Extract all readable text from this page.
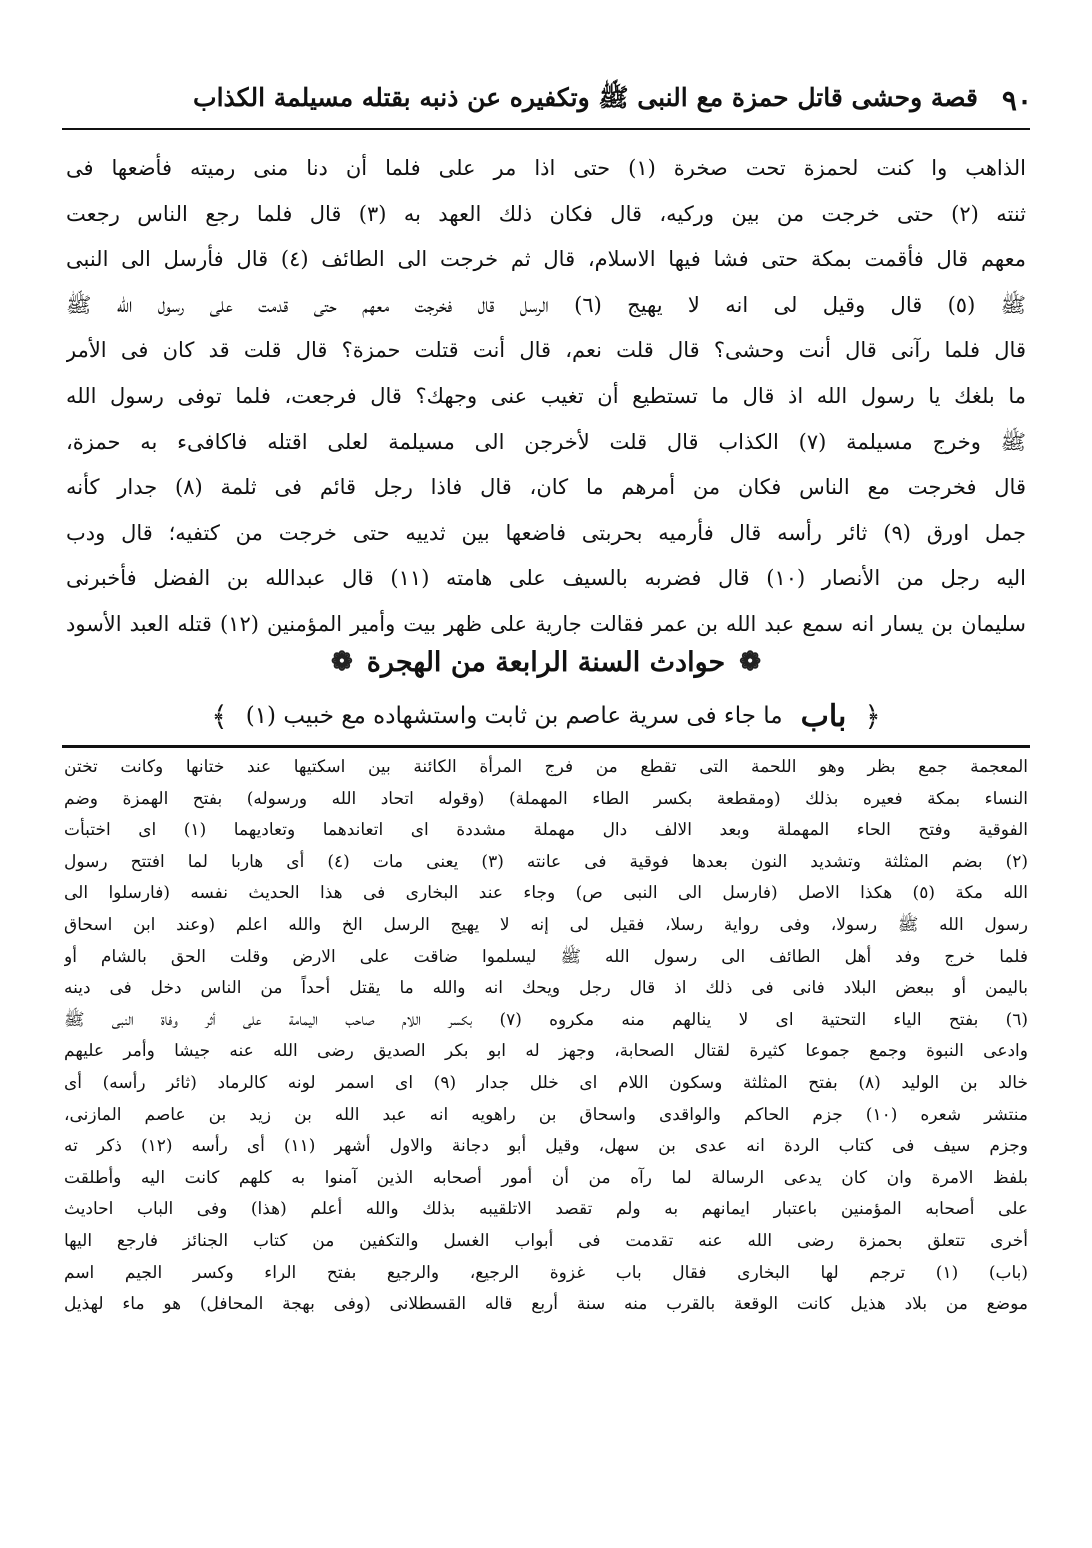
٩٠
قصة وحشى قاتل حمزة مع النبى ﷺ وتكفيره عن ذنبه بقتله مسيلمة الكذاب
الذاهب وا كنت لحمزة تحت صخرة (١) حتى اذا مر على فلما أن دنا منى رميته فأضعها فى
ثنته (٢) حتى خرجت من بين وركيه، قال فكان ذلك العهد به (٣) قال فلما رجع الناس رجعت
معهم قال فأقمت بمكة حتى فشا فيها الاسلام، قال ثم خرجت الى الطائف (٤) قال فأرسل الى النبى
ﷺ (٥) قال وقيل لى انه لا يهيج (٦) الرسل قال فخرجت معهم حتى قدمت على رسول الله ﷺ
قال فلما رآنى قال أنت وحشى؟ قال قلت نعم، قال أنت قتلت حمزة؟ قال قلت قد كان فى الأمر
ما بلغك يا رسول الله اذ قال ما تستطيع أن تغيب عنى وجهك؟ قال فرجعت، فلما توفى رسول الله
ﷺ وخرج مسيلمة (٧) الكذاب قال قلت لأخرجن الى مسيلمة لعلى اقتله فاكافىء به حمزة،
قال فخرجت مع الناس فكان من أمرهم ما كان، قال فاذا رجل قائم فى ثلمة (٨) جدار كأنه
جمل اورق (٩) ثائر رأسه قال فأرميه بحربتى فاضعها بين ثدييه حتى خرجت من كتفيه؛ قال ودب
اليه رجل من الأنصار (١٠) قال فضربه بالسيف على هامته (١١) قال عبدالله بن الفضل فأخبرنى
سليمان بن يسار انه سمع عبد الله بن عمر فقالت جارية على ظهر بيت وأمير المؤمنين (١٢) قتله العبد الأسود
❁
حوادث السنة الرابعة من الهجرة
❁
﴿
باب
ما جاء فى سرية عاصم بن ثابت واستشهاده مع خبيب (١)
﴾
المعجمة جمع بظر وهو اللحمة التى تقطع من فرج المرأة الكائنة بين اسكتيها عند ختانها وكانت تختن
النساء بمكة فعيره بذلك (ومقطعة بكسر الطاء المهملة) (وقوله اتحاد الله ورسوله) بفتح الهمزة وضم
الفوقية وفتح الحاء المهملة وبعد الالف دال مهملة مشددة اى اتعاندهما وتعاديهما (١) اى اختبأت
(٢) بضم المثلثة وتشديد النون بعدها فوقية فى عانته (٣) يعنى مات (٤) أى هاربا لما افتتح رسول
الله مكة (٥) هكذا الاصل (فارسل الى النبى ص) وجاء عند البخارى فى هذا الحديث نفسه (فارسلوا الى
رسول الله ﷺ رسولا، وفى رواية رسلا، فقيل لى إنه لا يهيج الرسل الخ والله اعلم (وعند ابن اسحاق
فلما خرج وفد أهل الطائف الى رسول الله ﷺ ليسلموا ضاقت على الارض وقلت الحق بالشام أو
باليمن أو ببعض البلاد فانى فى ذلك اذ قال رجل ويحك انه والله ما يقتل أحداً من الناس دخل فى دينه
(٦) بفتح الياء التحتية اى لا ينالهم منه مكروه (٧) بكسر اللام صاحب اليمامة على أثر وفاة النبى ﷺ
وادعى النبوة وجمع جموعا كثيرة لقتال الصحابة، وجهز له ابو بكر الصديق رضى الله عنه جيشا وأمر عليهم
خالد بن الوليد (٨) بفتح المثلثة وسكون اللام اى خلل جدار (٩) اى اسمر لونه كالرماد (ثائر رأسه) أى
منتشر شعره (١٠) جزم الحاكم والواقدى واسحاق بن راهويه انه عبد الله بن زيد بن عاصم المازنى،
وجزم سيف فى كتاب الردة انه عدى بن سهل، وقيل أبو دجانة والاول أشهر (١١) أى رأسه (١٢) ذكر ته
بلفظ الامرة وان كان يدعى الرسالة لما رآه من أن أمور أصحابه الذين آمنوا به كلهم كانت اليه وأطلقت
على أصحابه المؤمنين باعتبار ايمانهم به ولم تقصد الاتلقيبه بذلك والله أعلم (هذا) وفى الباب احاديث
أخرى تتعلق بحمزة رضى الله عنه تقدمت فى أبواب الغسل والتكفين من كتاب الجنائز فارجع اليها
(باب) (١) ترجم لها البخارى فقال باب غزوة الرجيع، والرجيع بفتح الراء وكسر الجيم اسم
موضع من بلاد هذيل كانت الوقعة بالقرب منه سنة أربع قاله القسطلانى (وفى بهجة المحافل) هو ماء لهذيل
